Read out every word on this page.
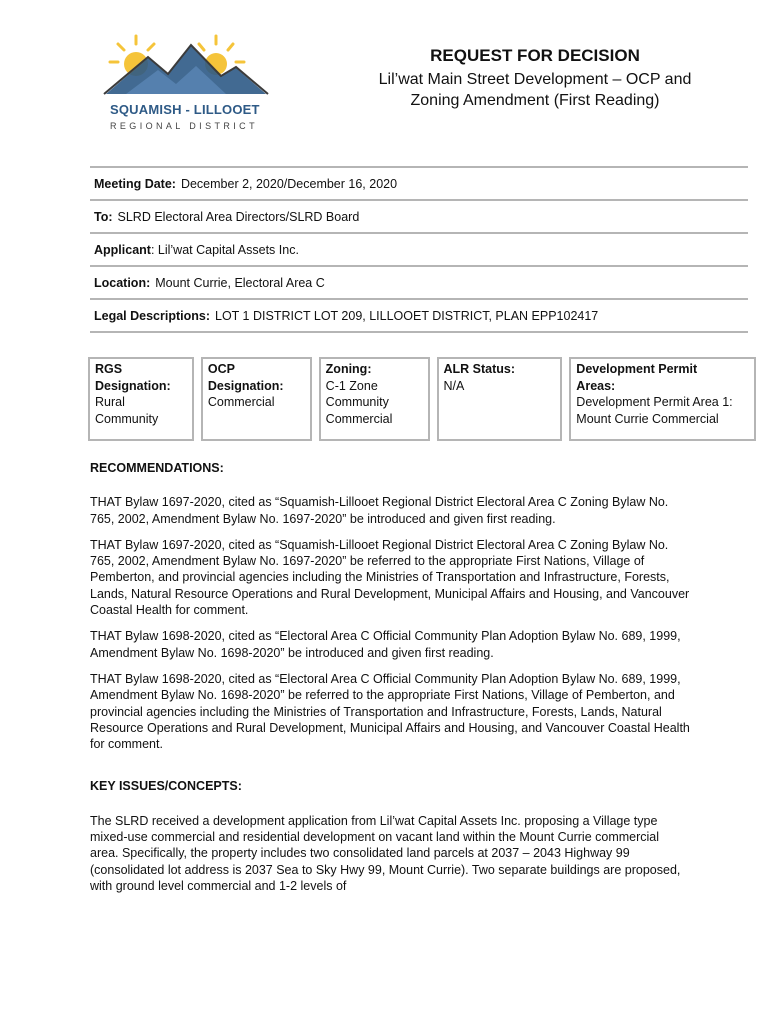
SQUAMISH - LILLOOET
REGIONAL DISTRICT
REQUEST FOR DECISION
Lil’wat Main Street Development – OCP and
Zoning Amendment (First Reading)
Meeting Date: December 2, 2020/December 16, 2020
To: SLRD Electoral Area Directors/SLRD Board
Applicant : Lil’wat Capital Assets Inc.
Location: Mount Currie, Electoral Area C
Legal Descriptions: LOT 1 DISTRICT LOT 209, LILLOOET DISTRICT, PLAN EPP102417
RGS
Designation:
Rural
Community
OCP
Designation:
Commercial
Zoning:
C-1 Zone
Community
Commercial
ALR Status:
N/A
Development Permit
Areas:
Development Permit Area 1:
Mount Currie Commercial
RECOMMENDATIONS:

THAT Bylaw 1697-2020, cited as “Squamish-Lillooet Regional District Electoral Area C Zoning Bylaw No. 765, 2002, Amendment Bylaw No. 1697-2020” be introduced and given first reading.

THAT Bylaw 1697-2020, cited as “Squamish-Lillooet Regional District Electoral Area C Zoning Bylaw No. 765, 2002, Amendment Bylaw No. 1697-2020” be referred to the appropriate First Nations, Village of Pemberton, and provincial agencies including the Ministries of Transportation and Infrastructure, Forests, Lands, Natural Resource Operations and Rural Development, Municipal Affairs and Housing, and Vancouver Coastal Health for comment.

THAT Bylaw 1698-2020, cited as “Electoral Area C Official Community Plan Adoption Bylaw No. 689, 1999, Amendment Bylaw No. 1698-2020” be introduced and given first reading.

THAT Bylaw 1698-2020, cited as “Electoral Area C Official Community Plan Adoption Bylaw No. 689, 1999, Amendment Bylaw No. 1698-2020” be referred to the appropriate First Nations, Village of Pemberton, and provincial agencies including the Ministries of Transportation and Infrastructure, Forests, Lands, Natural Resource Operations and Rural Development, Municipal Affairs and Housing, and Vancouver Coastal Health for comment.

KEY ISSUES/CONCEPTS:

The SLRD received a development application from Lil’wat Capital Assets Inc. proposing a Village type mixed-use commercial and residential development on vacant land within the Mount Currie commercial area. Specifically, the property includes two consolidated land parcels at 2037 – 2043 Highway 99 (consolidated lot address is 2037 Sea to Sky Hwy 99, Mount Currie). Two separate buildings are proposed, with ground level commercial and 1-2 levels of
